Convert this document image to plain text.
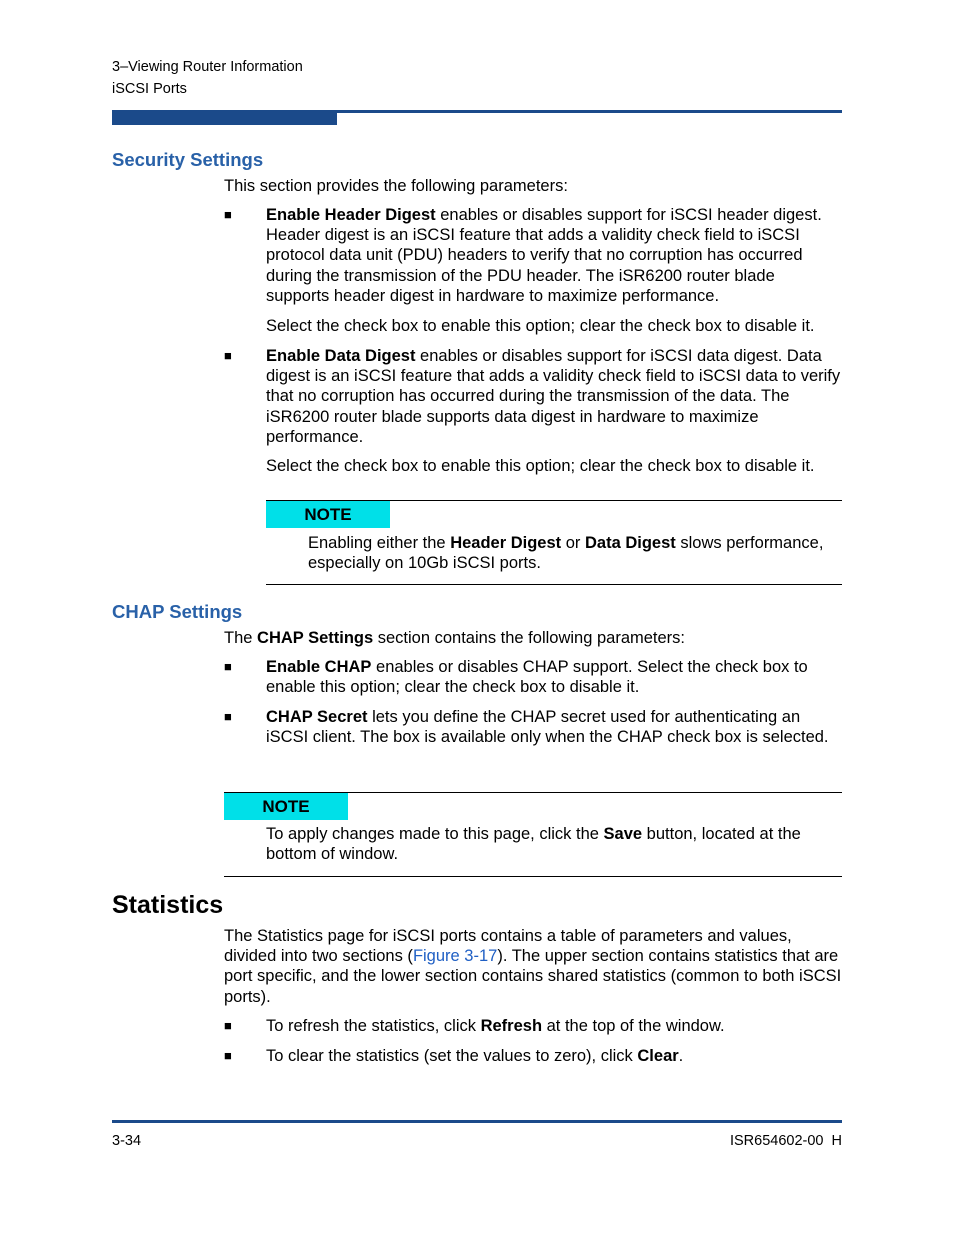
3–Viewing Router Information
iSCSI Ports
Security Settings
This section provides the following parameters:
■ Enable Header Digest enables or disables support for iSCSI header digest. Header digest is an iSCSI feature that adds a validity check field to iSCSI protocol data unit (PDU) headers to verify that no corruption has occurred during the transmission of the PDU header. The iSR6200 router blade supports header digest in hardware to maximize performance.
Select the check box to enable this option; clear the check box to disable it.
■ Enable Data Digest enables or disables support for iSCSI data digest. Data digest is an iSCSI feature that adds a validity check field to iSCSI data to verify that no corruption has occurred during the transmission of the data. The iSR6200 router blade supports data digest in hardware to maximize performance.
Select the check box to enable this option; clear the check box to disable it.
NOTE
Enabling either the Header Digest or Data Digest slows performance, especially on 10Gb iSCSI ports.
CHAP Settings
The CHAP Settings section contains the following parameters:
■ Enable CHAP enables or disables CHAP support. Select the check box to enable this option; clear the check box to disable it.
■ CHAP Secret lets you define the CHAP secret used for authenticating an iSCSI client. The box is available only when the CHAP check box is selected.
NOTE
To apply changes made to this page, click the Save button, located at the bottom of window.
Statistics
The Statistics page for iSCSI ports contains a table of parameters and values, divided into two sections (Figure 3-17). The upper section contains statistics that are port specific, and the lower section contains shared statistics (common to both iSCSI ports).
■ To refresh the statistics, click Refresh at the top of the window.
■ To clear the statistics (set the values to zero), click Clear.
3-34	ISR654602-00  H
